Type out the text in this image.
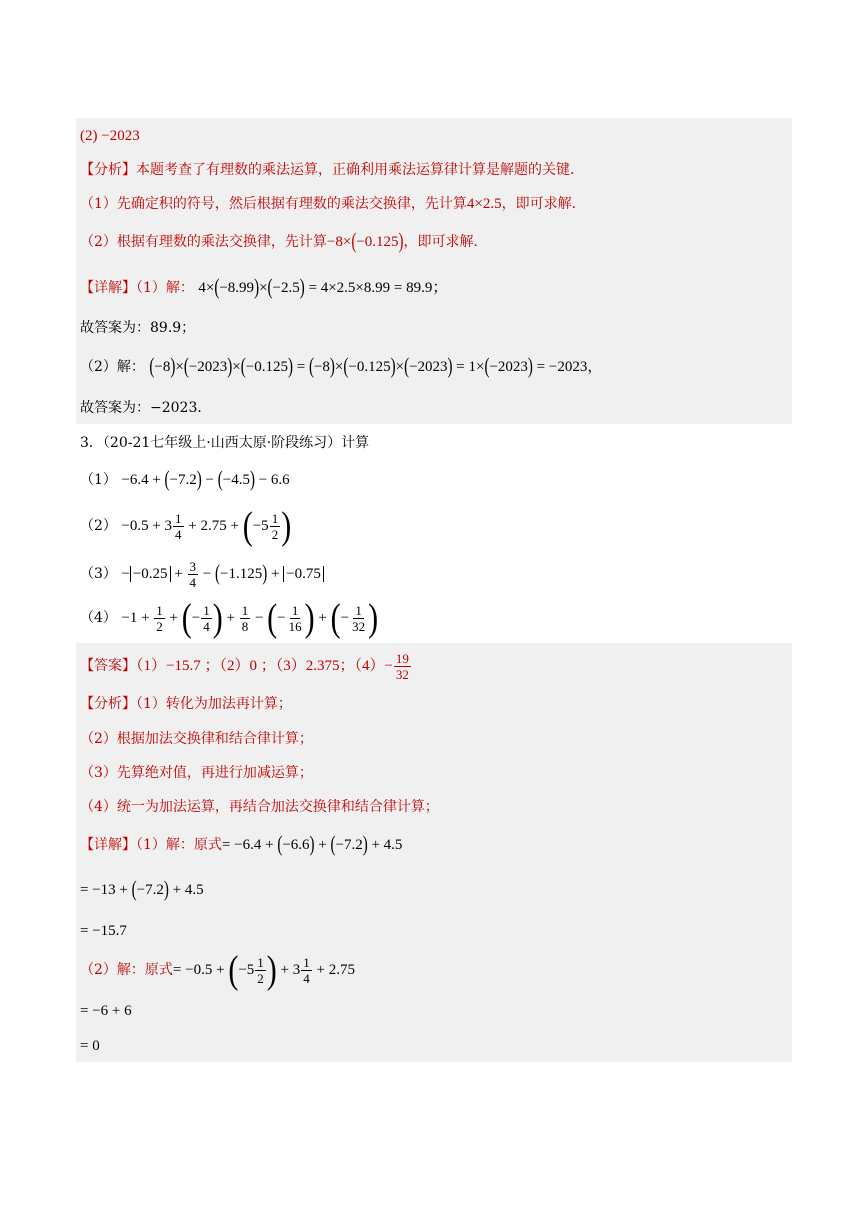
(2) −2023
【分析】本题考查了有理数的乘法运算，正确利用乘法运算律计算是解题的关键．
（1）先确定积的符号，然后根据有理数的乘法交换律，先计算4×2.5，即可求解．
（2）根据有理数的乘法交换律，先计算−8×(−0.125)，即可求解．
【详解】（1）解： 4×(−8.99)×(−2.5) = 4×2.5×8.99 = 89.9；
故答案为：89.9；
（2）解： (−8)×(−2023)×(−0.125) = (−8)×(−0.125)×(−2023) = 1×(−2023) = −2023，
故答案为：−2023．
3．（20-21七年级上·山西太原·阶段练习）计算
（1） −6.4 + (−7.2) − (−4.5) − 6.6
$(2) -0.5 + 3 \frac{1}{4} + 2.75 + (-5 \frac{1}{2}$ )
$(3) - -0.25 + \frac{3}{4} - (-1.125) + -0.75$
$(4) -1 + \frac{1}{2}$ + (− $\frac{1}{4}$ ) + $\frac{1}{8}$ − (− $\frac{1}{16}$ ) + (− $\frac{1}{32}$ )
【答案】（1）−15.7 ；（2）0 ；（3）2.375；$(4)- \frac{19}{32}$
【分析】（1）转化为加法再计算；
（2）根据加法交换律和结合律计算；
（3）先算绝对值，再进行加减运算；
（4）统一为加法运算，再结合加法交换律和结合律计算；
【详解】（1）解：原式= −6.4 + (−6.6) + (−7.2) + 4.5
= −13 + (−7.2) + 4.5
= −15.7
（2）解：原式= $-0.5 + (-5 \frac{1}{2}$ ) + $3 \frac{1}{4} + 2.75$
= −6 + 6
= 0
